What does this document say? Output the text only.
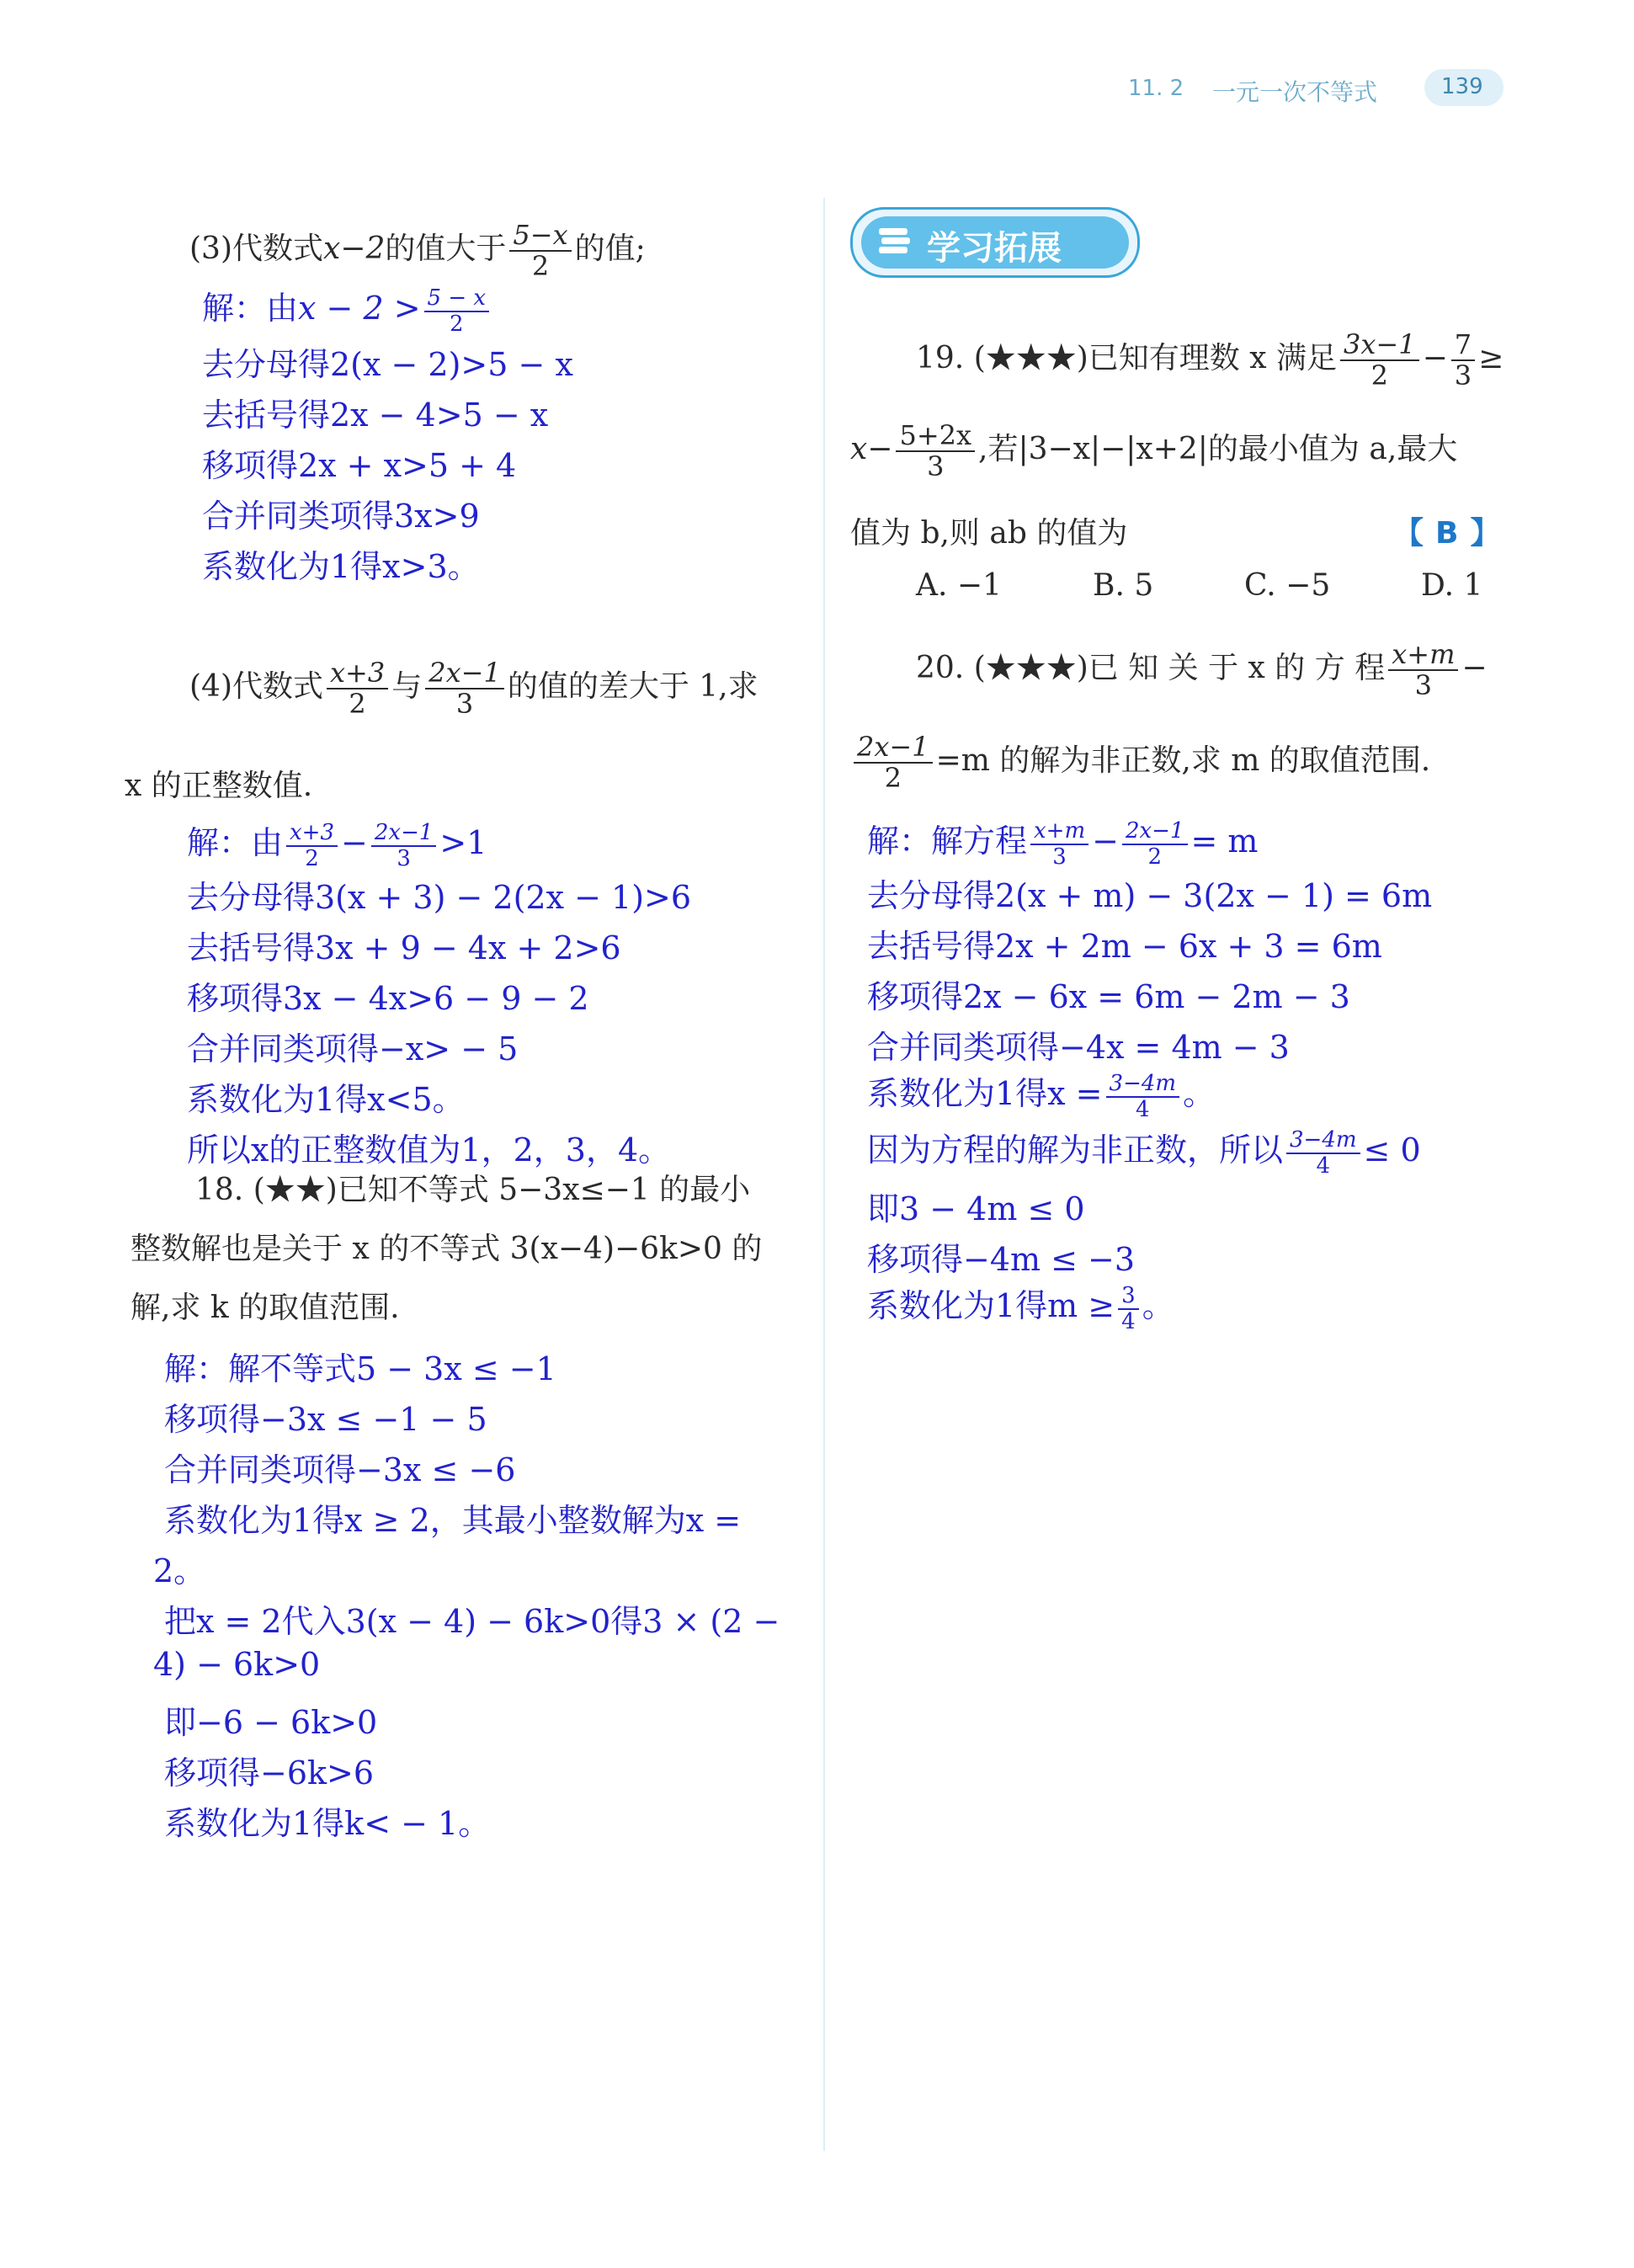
11. 2 一元一次不等式	139
(3)代数式x−2的值大于 $\frac{5-x}{2}$ 的值;
解：由$x - 2 > \frac{5 - x}{2}$
去分母得2(x − 2)>5 − x
去括号得2x − 4>5 − x
移项得2x + x>5 + 4
合并同类项得3x>9
系数化为1得x>3。
(4)代数式 $\frac{x+3}{2}$ 与 $\frac{2x-1}{3}$ 的值的差大于 1,求
x 的正整数值.
解：由 $\frac{x+3}{2} - \frac{2x-1}{3} >1$
去分母得3(x + 3) − 2(2x − 1)>6
去括号得3x + 9 − 4x + 2>6
移项得3x − 4x>6 − 9 − 2
合并同类项得−x> − 5
系数化为1得x<5。
所以x的正整数值为1，2，3，4。
18. (★★)已知不等式 5−3x≤−1 的最小
整数解也是关于 x 的不等式 3(x−4)−6k>0 的
解,求 k 的取值范围.
解：解不等式5 − 3x ≤ −1
移项得−3x ≤ −1 − 5
合并同类项得−3x ≤ −6
系数化为1得x ≥ 2，其最小整数解为x =
2。
把x = 2代入3(x − 4) − 6k>0得3 × (2 −
4) − 6k>0
即−6 − 6k>0
移项得−6k>6
系数化为1得k< − 1。
学习拓展
19. (★★★)已知有理数 x 满足 $\frac{3x-1}{2} - \frac{7}{3}$ ≥
$x- \frac{5+2x}{3}$ ,若|3−x|−|x+2|的最小值为 a,最大
值为 b,则 ab 的值为	【 B 】
A. −1	B. 5	C. −5	D. 1
20. (★★★)已 知 关 于 x 的 方 程 $\frac{x+m}{3}$ −
$\frac{2x-1}{2} =m$ 的解为非正数,求 m 的取值范围.
解：解方程 $\frac{x+m}{3} - \frac{2x-1}{2} = m$
去分母得2(x + m) − 3(2x − 1) = 6m
去括号得2x + 2m − 6x + 3 = 6m
移项得2x − 6x = 6m − 2m − 3
合并同类项得−4x = 4m − 3
系数化为1得$x = \frac{3-4m}{4}$ 。
因为方程的解为非正数，所以 $\frac{3-4m}{4} \le 0$
即3 − 4m ≤ 0
移项得−4m ≤ −3
系数化为1得$m \ge \frac{3}{4}$ 。
